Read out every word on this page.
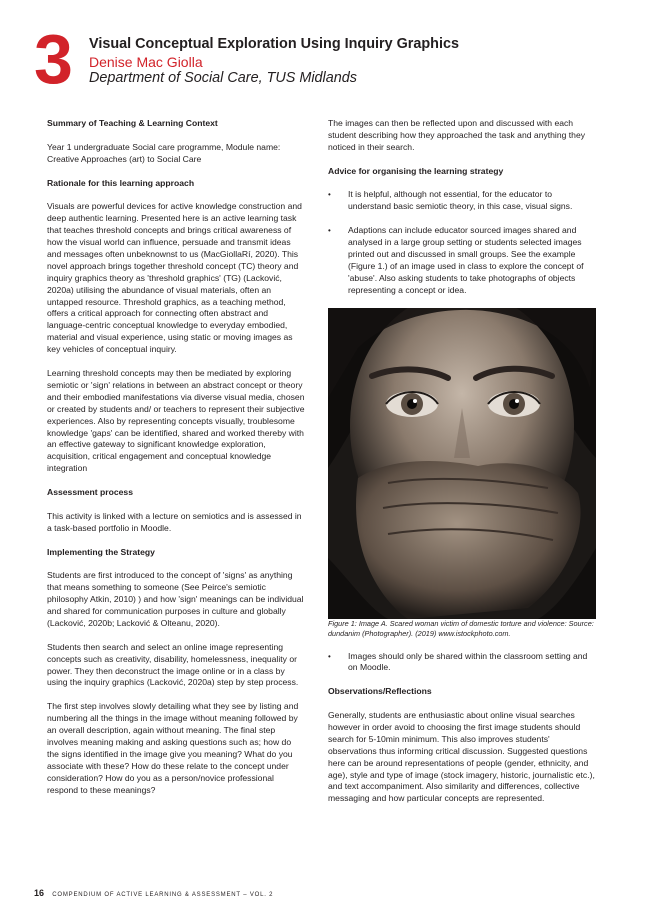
3 Visual Conceptual Exploration Using Inquiry Graphics
Denise Mac Giolla
Department of Social Care, TUS Midlands
Summary of Teaching & Learning Context

Year 1 undergraduate Social care programme, Module name: Creative Approaches (art) to Social Care

Rationale for this learning approach

Visuals are powerful devices for active knowledge construction and deep authentic learning. Presented here is an active learning task that teaches threshold concepts and brings critical awareness of how the visual world can influence, persuade and transmit ideas and messages often unbeknownst to us (MacGiollaRí, 2020). This novel approach brings together threshold concept (TC) theory and inquiry graphics theory as 'threshold graphics' (TG) (Lacković, 2020a) utilising the abundance of visual materials, often an untapped resource. Threshold graphics, as a teaching method, offers a critical approach for connecting often abstract and language-centric conceptual knowledge to everyday embodied, material and visual experience, using static or moving images as key vehicles of conceptual inquiry.

Learning threshold concepts may then be mediated by exploring semiotic or 'sign' relations in between an abstract concept or theory and their embodied manifestations via diverse visual media, chosen or created by students and/ or teachers to represent their subjective experiences. Also by representing concepts visually, troublesome knowledge 'gaps' can be identified, shared and worked thereby with an effective gateway to significant knowledge exploration, acquisition, critical engagement and conceptual knowledge integration

Assessment process

This activity is linked with a lecture on semiotics and is assessed in a task-based portfolio in Moodle.

Implementing the Strategy

Students are first introduced to the concept of 'signs' as anything that means something to someone (See Peirce's semiotic philosophy Atkin, 2010) ) and how 'sign' meanings can be individual and shared for communication purposes in culture and globally (Lacković, 2020b; Lacković & Olteanu, 2020).

Students then search and select an online image representing concepts such as creativity, disability, homelessness, inequality or power. They then deconstruct the image online or in a class by using the inquiry graphics (Lacković, 2020a) step by step process.

The first step involves slowly detailing what they see by listing and numbering all the things in the image without meaning followed by an overall description, again without meaning. The final step involves meaning making and asking questions such as; how do the signs identified in the image give you meaning? What do you associate with these? How do these relate to the concept under consideration? How do you as a person/novice professional respond to these meanings?

The images can then be reflected upon and discussed with each student describing how they approached the task and anything they noticed in their search.

Advice for organising the learning strategy
• It is helpful, although not essential, for the educator to understand basic semiotic theory, in this case, visual signs.
• Adaptions can include educator sourced images shared and analysed in a large group setting or students selected images printed out and discussed in small groups. See the example (Figure 1.) of an image used in class to explore the concept of 'abuse'. Also asking students to take photographs of objects representing a concept or idea.

Figure 1: Image A. Scared woman victim of domestic torture and violence: Source: dundanim (Photographer). (2019) www.istockphoto.com.

• Images should only be shared within the classroom setting and on Moodle.
Observations/Reflections

Generally, students are enthusiastic about online visual searches however in order avoid to choosing the first image students should search for 5-10min minimum. This also improves students' observations thus informing critical discussion. Suggested questions here can be around representations of people (gender, ethnicity, and age), style and type of image (stock imagery, historic, journalistic etc.), and text accompaniment. Also similarity and differences, collective messaging and how particular concepts are represented.

16 COMPENDIUM OF ACTIVE LEARNING & ASSESSMENT – VOL. 2
